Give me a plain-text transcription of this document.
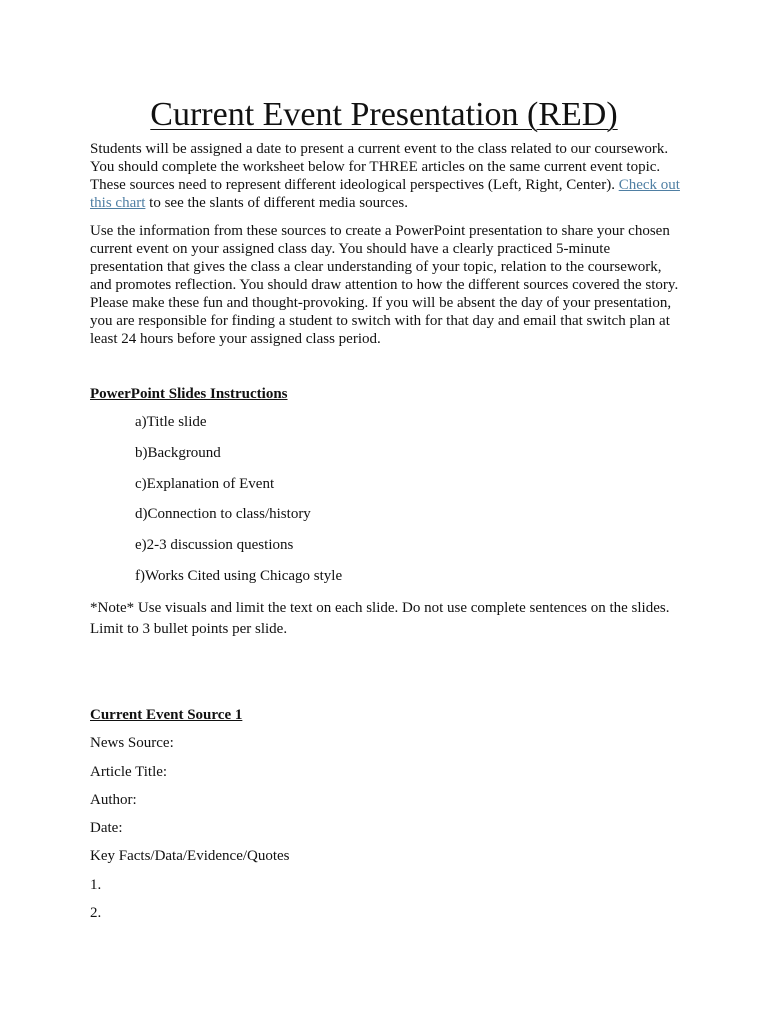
Current Event Presentation (RED)

Students will be assigned a date to present a current event to the class related to our coursework. You should complete the worksheet below for THREE articles on the same current event topic. These sources need to represent different ideological perspectives (Left, Right, Center). Check out this chart to see the slants of different media sources.

Use the information from these sources to create a PowerPoint presentation to share your chosen current event on your assigned class day. You should have a clearly practiced 5-minute presentation that gives the class a clear understanding of your topic, relation to the coursework, and promotes reflection. You should draw attention to how the different sources covered the story. Please make these fun and thought-provoking. If you will be absent the day of your presentation, you are responsible for finding a student to switch with for that day and email that switch plan at least 24 hours before your assigned class period.

PowerPoint Slides Instructions

a)Title slide

b)Background

c)Explanation of Event

d)Connection to class/history

e)2-3 discussion questions

f)Works Cited using Chicago style

*Note* Use visuals and limit the text on each slide. Do not use complete sentences on the slides. Limit to 3 bullet points per slide.

Current Event Source 1

News Source:

Article Title:

Author:

Date:

Key Facts/Data/Evidence/Quotes

1.

2.
